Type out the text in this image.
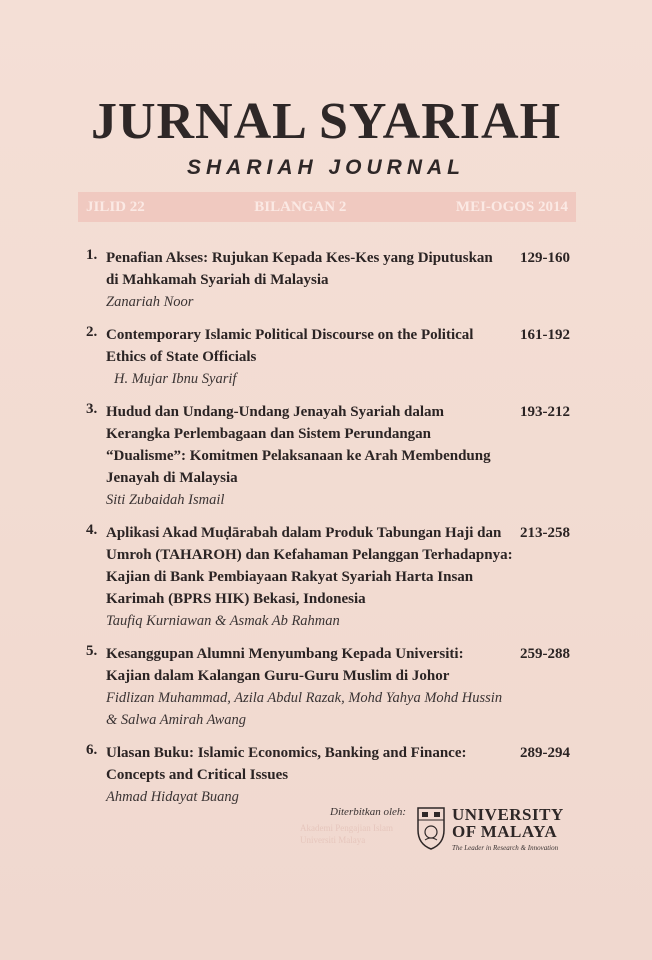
JURNAL SYARIAH
SHARIAH JOURNAL
JILID 22	BILANGAN 2	MEI-OGOS 2014
1. Penafian Akses: Rujukan Kepada Kes-Kes yang Diputuskan di Mahkamah Syariah di Malaysia
129-160
Zanariah Noor
2. Contemporary Islamic Political Discourse on the Political Ethics of State Officials
161-192
H. Mujar Ibnu Syarif
3. Hudud dan Undang-Undang Jenayah Syariah dalam Kerangka Perlembagaan dan Sistem Perundangan “Dualisme”: Komitmen Pelaksanaan ke Arah Membendung Jenayah di Malaysia
193-212
Siti Zubaidah Ismail
4. Aplikasi Akad Muḍārabah dalam Produk Tabungan Haji dan Umroh (TAHAROH) dan Kefahaman Pelanggan Terhadapnya: Kajian di Bank Pembiayaan Rakyat Syariah Harta Insan Karimah (BPRS HIK) Bekasi, Indonesia
213-258
Taufiq Kurniawan & Asmak Ab Rahman
5. Kesanggupan Alumni Menyumbang Kepada Universiti: Kajian dalam Kalangan Guru-Guru Muslim di Johor
259-288
Fidlizan Muhammad, Azila Abdul Razak, Mohd Yahya Mohd Hussin & Salwa Amirah Awang
6. Ulasan Buku: Islamic Economics, Banking and Finance: Concepts and Critical Issues
289-294
Ahmad Hidayat Buang
Diterbitkan oleh:
Akademi Pengajian Islam
Universiti Malaya
UNIVERSITY
OF MALAYA
The Leader in Research & Innovation
